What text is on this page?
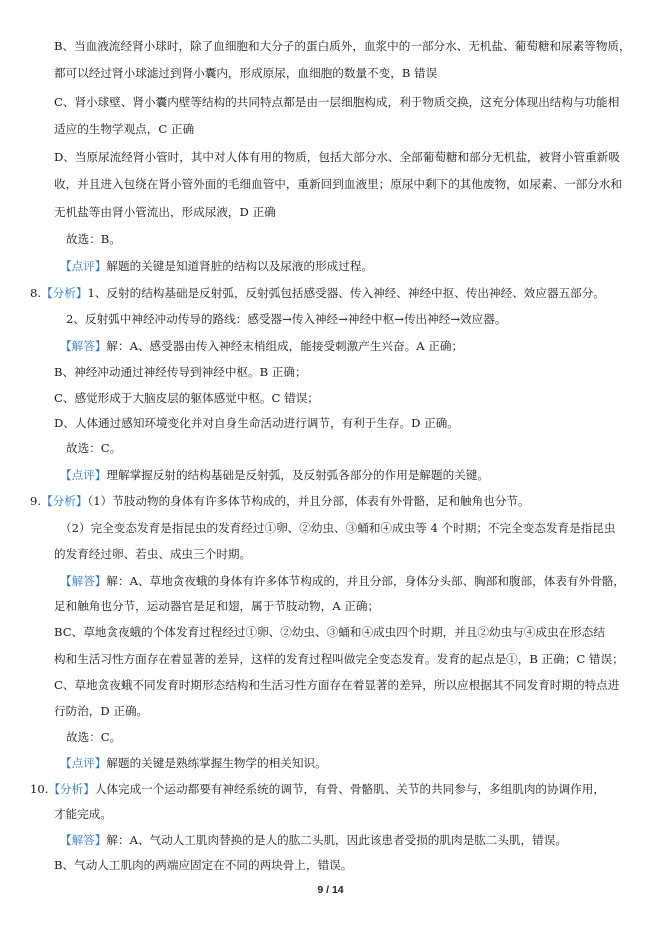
B、当血液流经肾小球时，除了血细胞和大分子的蛋白质外，血浆中的一部分水、无机盐、葡萄糖和尿素等物质，
都可以经过肾小球滤过到肾小囊内，形成原尿，血细胞的数量不变，B 错误
C、肾小球壁、肾小囊内壁等结构的共同特点都是由一层细胞构成，利于物质交换，这充分体现出结构与功能相
适应的生物学观点，C 正确
D、当原尿流经肾小管时，其中对人体有用的物质，包括大部分水、全部葡萄糖和部分无机盐，被肾小管重新吸
收，并且进入包绕在肾小管外面的毛细血管中，重新回到血液里；原尿中剩下的其他废物，如尿素、一部分水和
无机盐等由肾小管流出，形成尿液，D 正确
故选：B。
【点评】解题的关键是知道肾脏的结构以及尿液的形成过程。
8.【分析】1、反射的结构基础是反射弧，反射弧包括感受器、传入神经、神经中抠、传出神经、效应器五部分。
2、反射弧中神经冲动传导的路线：感受器→传入神经→神经中枢→传出神经→效应器。
【解答】解：A、感受器由传入神经末梢组成，能接受刺激产生兴奋。A 正确；
B、神经冲动通过神经传导到神经中枢。B 正确；
C、感觉形成于大脑皮层的躯体感觉中枢。C 错误；
D、人体通过感知环境变化并对自身生命活动进行调节，有利于生存。D 正确。
故选：C。
【点评】理解掌握反射的结构基础是反射弧，及反射弧各部分的作用是解题的关键。
9.【分析】（1）节肢动物的身体有许多体节构成的，并且分部，体表有外骨骼，足和触角也分节。
（2）完全变态发育是指昆虫的发育经过①卵、②幼虫、③蛹和④成虫等 4 个时期；不完全变态发育是指昆虫
的发育经过卵、若虫、成虫三个时期。
【解答】解：A、草地贪夜蛾的身体有许多体节构成的，并且分部，身体分头部、胸部和腹部，体表有外骨骼，
足和触角也分节，运动器官是足和翅，属于节肢动物，A 正确；
BC、草地贪夜蛾的个体发育过程经过①卵、②幼虫、③蛹和④成虫四个时期，并且②幼虫与④成虫在形态结
构和生活习性方面存在着显著的差异，这样的发育过程叫做完全变态发育。发育的起点是①，B 正确；C 错误；
C、草地贪夜蛾不同发育时期形态结构和生活习性方面存在着显著的差异，所以应根据其不同发育时期的特点进
行防治，D 正确。
故选：C。
【点评】解题的关键是熟练掌握生物学的相关知识。
10.【分析】人体完成一个运动都要有神经系统的调节，有骨、骨骼肌、关节的共同参与，多组肌肉的协调作用，
才能完成。
【解答】解：A、气动人工肌肉替换的是人的肱二头肌，因此该患者受损的肌肉是肱二头肌，错误。
B、气动人工肌肉的两端应固定在不同的两块骨上，错误。
9 / 14
